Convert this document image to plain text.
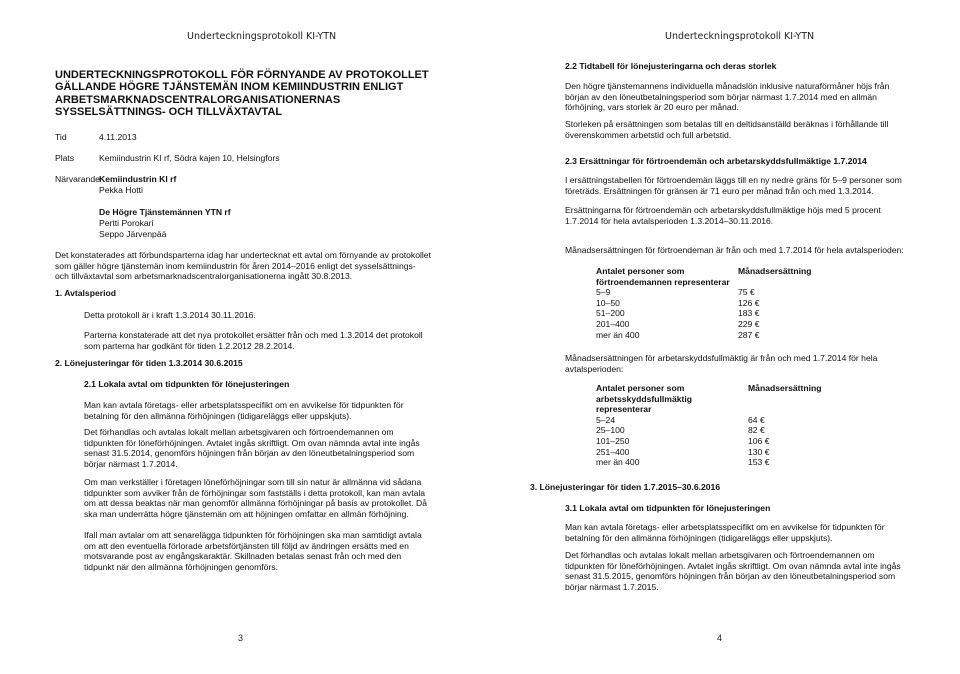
Underteckningsprotokoll KI-YTN
UNDERTECKNINGSPROTOKOLL FÖR FÖRNYANDE AV PROTOKOLLET
GÄLLANDE HÖGRE TJÄNSTEMÄN INOM KEMIINDUSTRIN ENLIGT
ARBETSMARKNADSCENTRALORGANISATIONERNAS
SYSSELSÄTTNINGS- OCH TILLVÄXTAVTAL
Tid	4.11.2013
Plats	Kemiindustrin KI rf, Södra kajen 10, Helsingfors
Närvarande Kemiindustrin KI rf
Pekka Hotti
De Högre Tjänstemännen YTN rf
Pertti Porokari
Seppo Järvenpää
Det konstaterades att förbundsparterna idag har undertecknat ett avtal om förnyande av protokollet
som gäller högre tjänstemän inom kemiindustrin för åren 2014–2016 enligt det sysselsättnings-
och tillväxtavtal som arbetsmarknadscentralorganisationerna ingått 30.8.2013.
1. Avtalsperiod
Detta protokoll är i kraft 1.3.2014 30.11.2016.
Parterna konstaterade att det nya protokollet ersätter från och med 1.3.2014 det protokoll
som parterna har godkänt för tiden 1.2.2012 28.2.2014.
2. Lönejusteringar för tiden 1.3.2014 30.6.2015
2.1 Lokala avtal om tidpunkten för lönejusteringen
Man kan avtala företags- eller arbetsplatsspecifikt om en avvikelse för tidpunkten för
betalning för den allmänna förhöjningen (tidigareläggs eller uppskjuts).
Det förhandlas och avtalas lokalt mellan arbetsgivaren och förtroendemannen om
tidpunkten för löneförhöjningen. Avtalet ingås skriftligt. Om ovan nämnda avtal inte ingås
senast 31.5.2014, genomförs höjningen från början av den löneutbetalningsperiod som
börjar närmast 1.7.2014.
Om man verkställer i företagen löneförhöjningar som till sin natur är allmänna vid sådana
tidpunkter som avviker från de förhöjningar som fastställs i detta protokoll, kan man avtala
om att dessa beaktas när man genomför allmänna förhöjningar på basis av protokollet. Då
ska man underrätta högre tjänstemän om att höjningen omfattar en allmän förhöjning.
Ifall man avtalar om att senarelägga tidpunkten för förhöjningen ska man samtidigt avtala
om att den eventuella förlorade arbetsförtjänsten till följd av ändringen ersätts med en
motsvarande post av engångskaraktär. Skillnaden betalas senast från och med den
tidpunkt när den allmänna förhöjningen genomförs.
3
Underteckningsprotokoll KI-YTN
2.2 Tidtabell för lönejusteringarna och deras storlek
Den högre tjänstemannens individuella månadslön inklusive naturaförmåner höjs från
början av den löneutbetalningsperiod som börjar närmast 1.7.2014 med en allmän
förhöjning, vars storlek är 20 euro per månad.
Storleken på ersättningen som betalas till en deltidsanställd beräknas i förhållande till
överenskommen arbetstid och full arbetstid.
2.3 Ersättningar för förtroendemän och arbetarskyddsfullmäktige 1.7.2014
I ersättningstabellen för förtroendemän läggs till en ny nedre gräns för 5–9 personer som
företräds. Ersättningen för gränsen är 71 euro per månad från och med 1.3.2014.
Ersättningarna för förtroendemän och arbetarskyddsfullmäktige höjs med 5 procent
1.7.2014 för hela avtalsperioden 1.3.2014–30.11.2016.
Månadsersättningen för förtroendeman är från och med 1.7.2014 för hela avtalsperioden:
Antalet personer som
förtroendemannen representerar	Månadsersättning
5–9	75 €
10–50	126 €
51–200	183 €
201–400	229 €
mer än 400	287 €
Månadsersättningen för arbetarskyddsfullmäktig är från och med 1.7.2014 för hela
avtalsperioden:
Antalet personer som
arbetsskyddsfullmäktig
representerar	Månadsersättning
5–24	64 €
25–100	82 €
101–250	106 €
251–400	130 €
mer än 400	153 €
3. Lönejusteringar för tiden 1.7.2015–30.6.2016
3.1 Lokala avtal om tidpunkten för lönejusteringen
Man kan avtala företags- eller arbetsplatsspecifikt om en avvikelse för tidpunkten för
betalning för den allmänna förhöjningen (tidigareläggs eller uppskjuts).
Det förhandlas och avtalas lokalt mellan arbetsgivaren och förtroendemannen om
tidpunkten för löneförhöjningen. Avtalet ingås skriftligt. Om ovan nämnda avtal inte ingås
senast 31.5.2015, genomförs höjningen från början av den löneutbetalningsperiod som
börjar närmast 1.7.2015.
4
